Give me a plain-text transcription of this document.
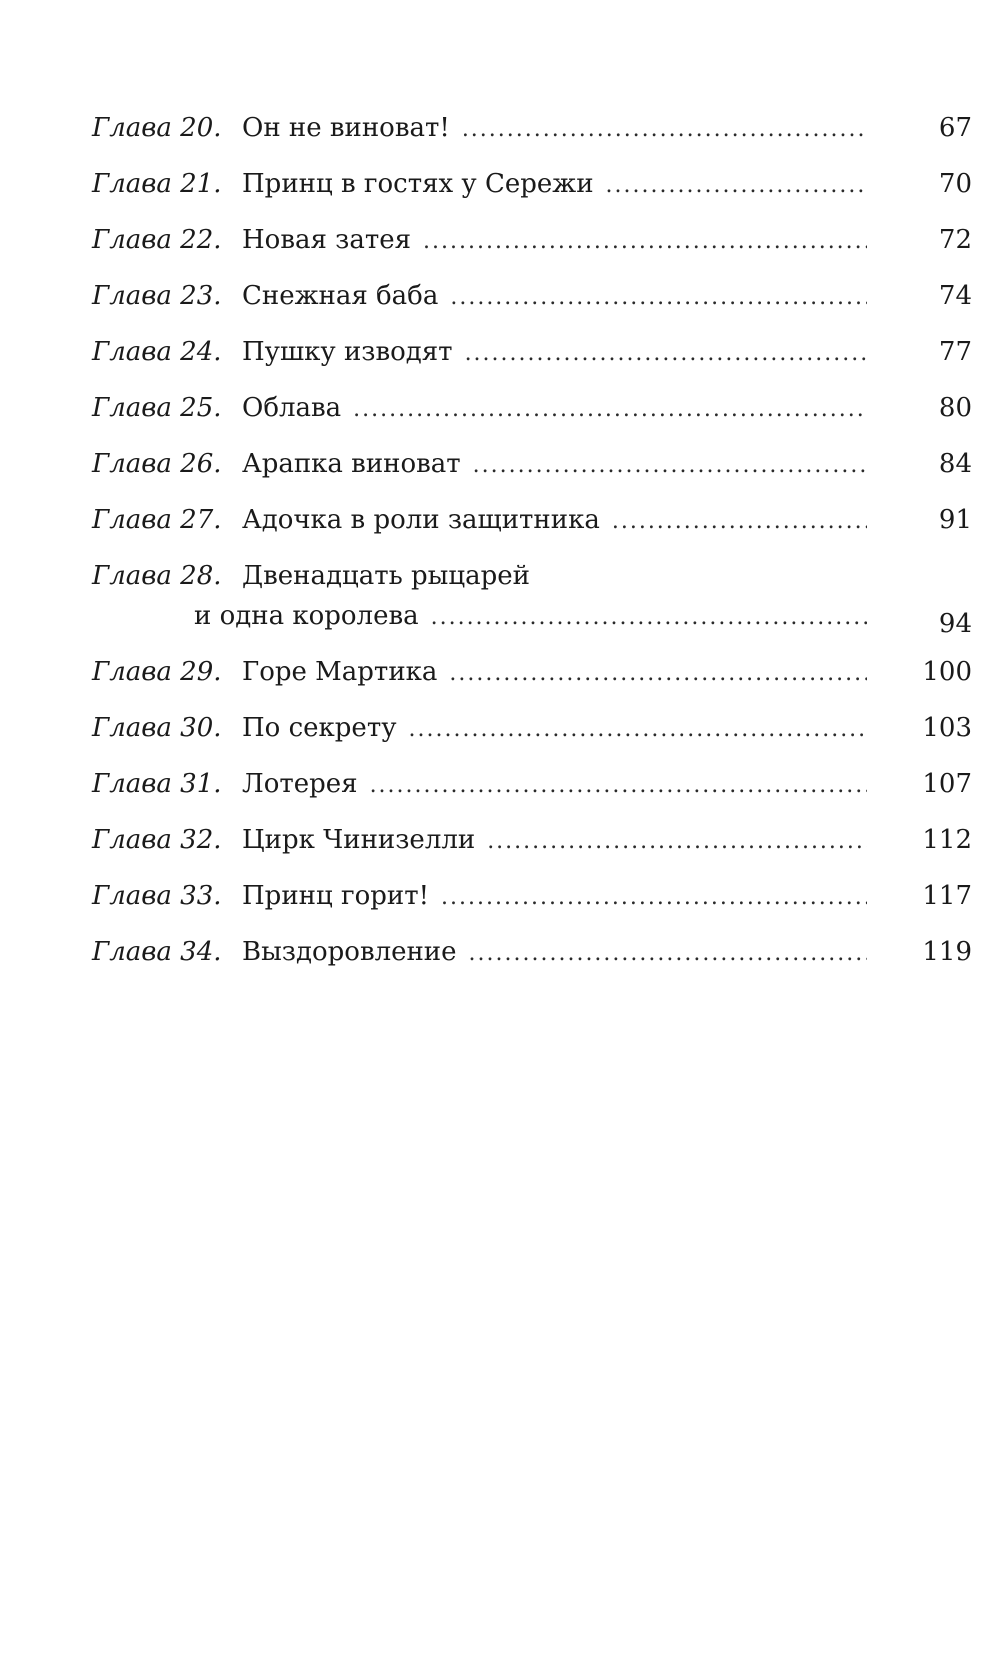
Глава 20. Он не виноват! .....	67
Глава 21. Принц в гостях у Сережи .....	70
Глава 22. Новая затея .....	72
Глава 23. Снежная баба .....	74
Глава 24. Пушку изводят .....	77
Глава 25. Облава .....	80
Глава 26. Арапка виноват .....	84
Глава 27. Адочка в роли защитника .....	91
Глава 28. Двенадцать рыцарей
и одна королева .....	94
Глава 29. Горе Мартика .....	100
Глава 30. По секрету .....	103
Глава 31. Лотерея .....	107
Глава 32. Цирк Чинизелли .....	112
Глава 33. Принц горит! .....	117
Глава 34. Выздоровление .....	119
